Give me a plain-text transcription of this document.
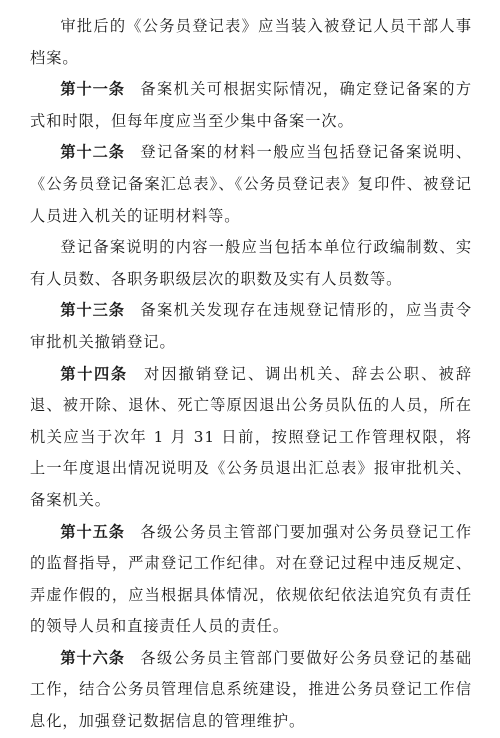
审批后的《公务员登记表》应当装入被登记人员干部人事档案。

第十一条 备案机关可根据实际情况，确定登记备案的方式和时限，但每年度应当至少集中备案一次。

第十二条 登记备案的材料一般应当包括登记备案说明、《公务员登记备案汇总表》、《公务员登记表》复印件、被登记人员进入机关的证明材料等。

登记备案说明的内容一般应当包括本单位行政编制数、实有人员数、各职务职级层次的职数及实有人员数等。

第十三条 备案机关发现存在违规登记情形的，应当责令审批机关撤销登记。

第十四条 对因撤销登记、调出机关、辞去公职、被辞退、被开除、退休、死亡等原因退出公务员队伍的人员，所在机关应当于次年 1 月 31 日前，按照登记工作管理权限，将上一年度退出情况说明及《公务员退出汇总表》报审批机关、备案机关。

第十五条 各级公务员主管部门要加强对公务员登记工作的监督指导，严肃登记工作纪律。对在登记过程中违反规定、弄虚作假的，应当根据具体情况，依规依纪依法追究负有责任的领导人员和直接责任人员的责任。

第十六条 各级公务员主管部门要做好公务员登记的基础工作，结合公务员管理信息系统建设，推进公务员登记工作信息化，加强登记数据信息的管理维护。
